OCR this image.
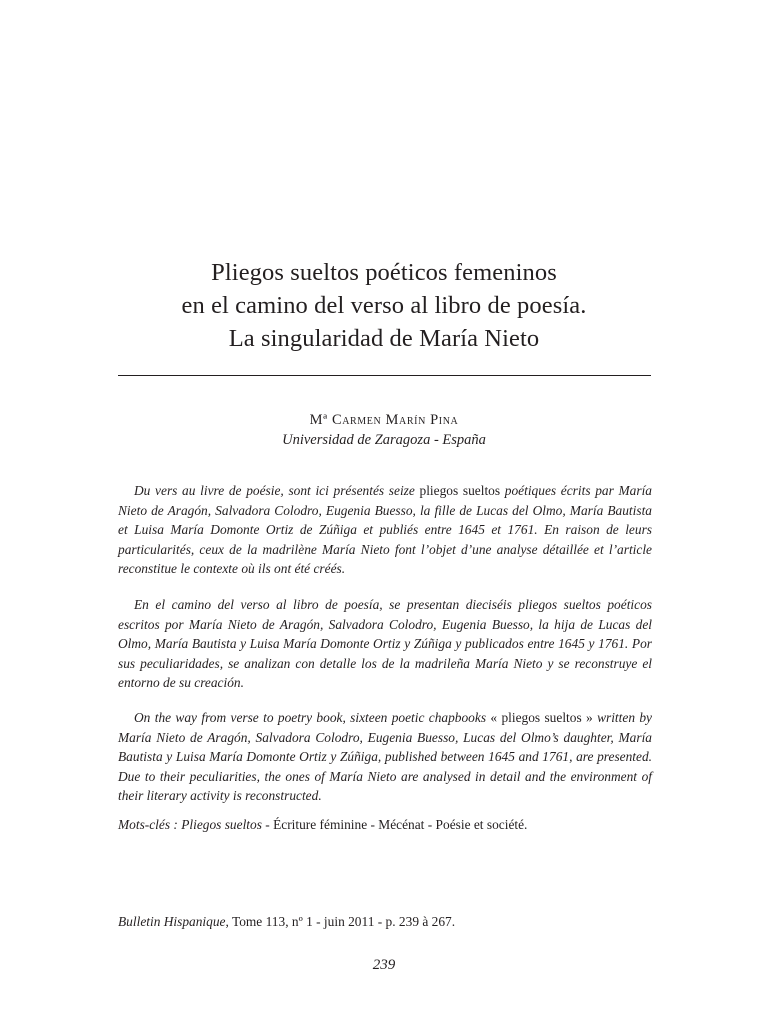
Pliegos sueltos poéticos femeninos
en el camino del verso al libro de poesía.
La singularidad de María Nieto
Mª Carmen Marín Pina
Universidad de Zaragoza - España

Du vers au livre de poésie, sont ici présentés seize pliegos sueltos poétiques écrits par María Nieto de Aragón, Salvadora Colodro, Eugenia Buesso, la fille de Lucas del Olmo, María Bautista et Luisa María Domonte Ortiz de Zúñiga et publiés entre 1645 et 1761. En raison de leurs particularités, ceux de la madrilène María Nieto font l’objet d’une analyse détaillée et l’article reconstitue le contexte où ils ont été créés.

En el camino del verso al libro de poesía, se presentan dieciséis pliegos sueltos poéticos escritos por María Nieto de Aragón, Salvadora Colodro, Eugenia Buesso, la hija de Lucas del Olmo, María Bautista y Luisa María Domonte Ortiz y Zúñiga y publicados entre 1645 y 1761. Por sus peculiaridades, se analizan con detalle los de la madrileña María Nieto y se reconstruye el entorno de su creación.

On the way from verse to poetry book, sixteen poetic chapbooks « pliegos sueltos » written by María Nieto de Aragón, Salvadora Colodro, Eugenia Buesso, Lucas del Olmo’s daughter, María Bautista y Luisa María Domonte Ortiz y Zúñiga, published between 1645 and 1761, are presented. Due to their peculiarities, the ones of María Nieto are analysed in detail and the environment of their literary activity is reconstructed.

Mots-clés : Pliegos sueltos - Écriture féminine - Mécénat - Poésie et société.
Bulletin Hispanique, Tome 113, nº 1 - juin 2011 - p. 239 à 267.
239
